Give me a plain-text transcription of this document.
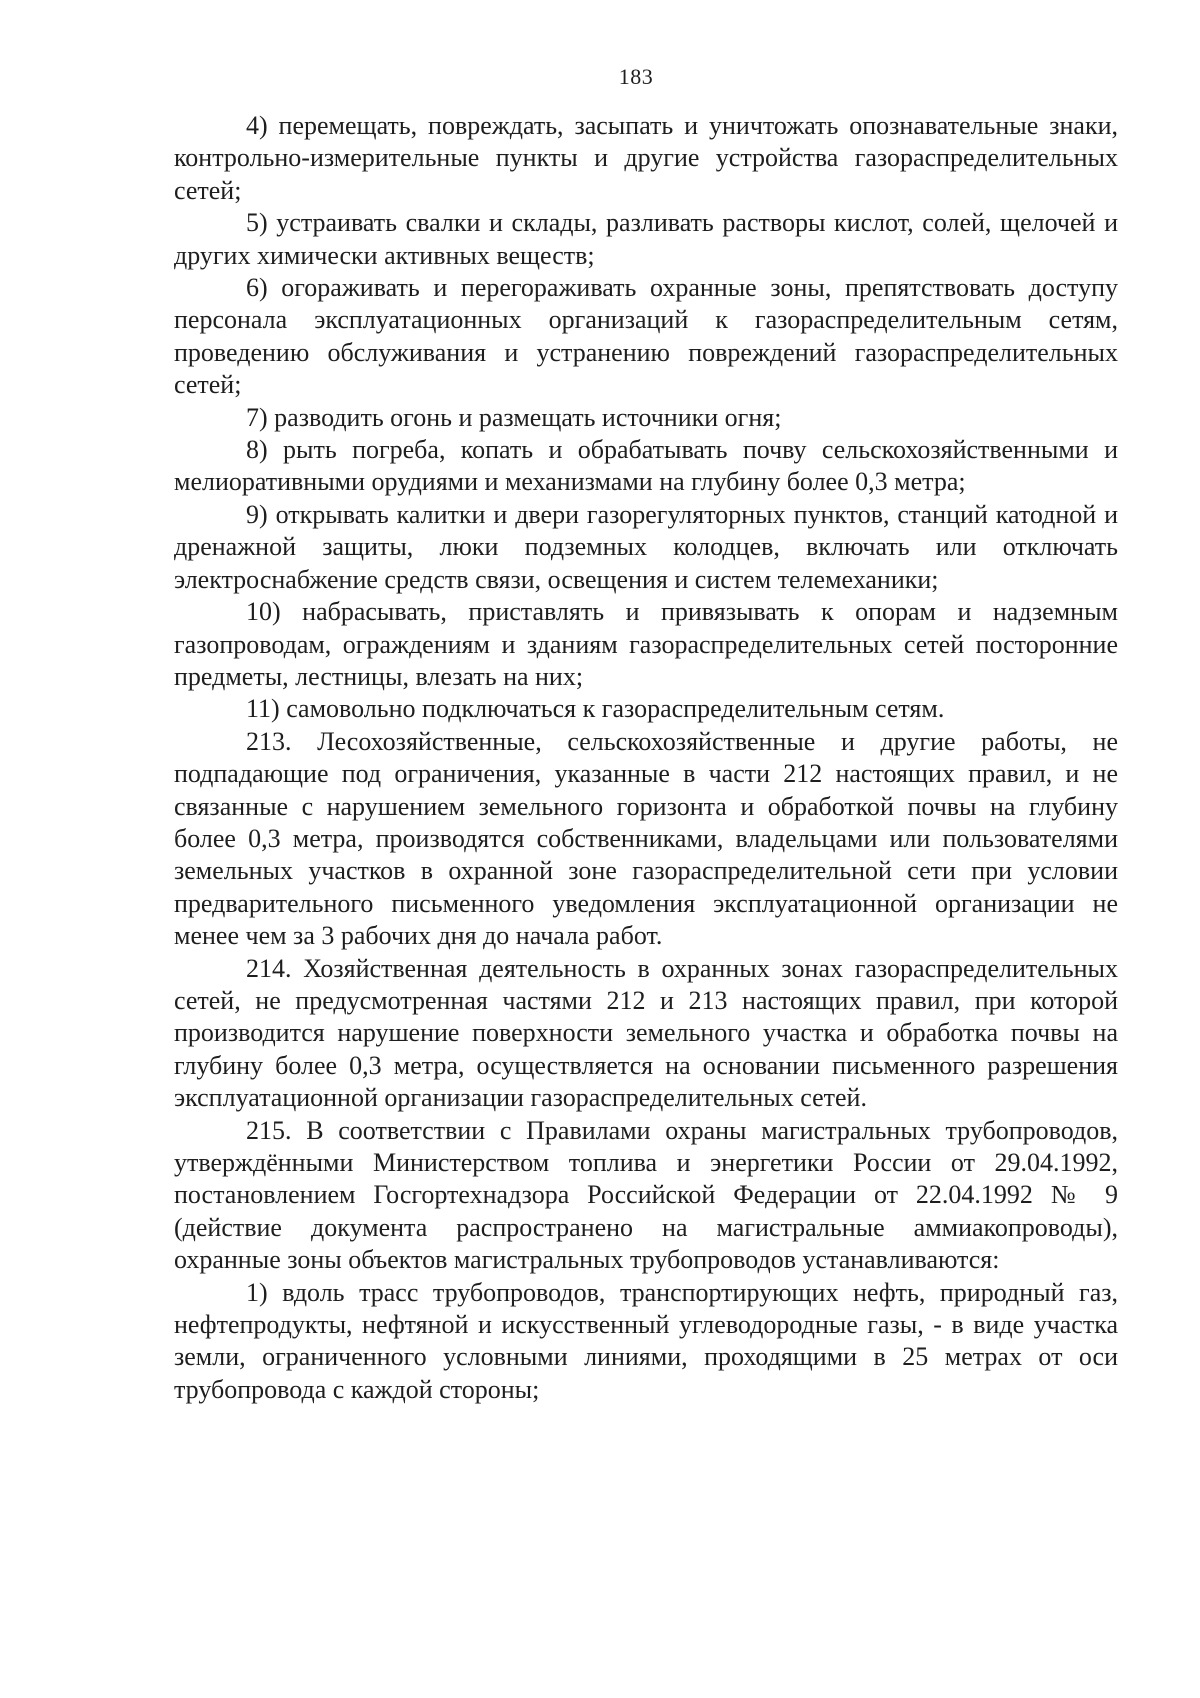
183

4) перемещать, повреждать, засыпать и уничтожать опознавательные знаки, контрольно-измерительные пункты и другие устройства газораспределительных сетей;

5) устраивать свалки и склады, разливать растворы кислот, солей, щелочей и других химически активных веществ;

6) огораживать и перегораживать охранные зоны, препятствовать доступу персонала эксплуатационных организаций к газораспределительным сетям, проведению обслуживания и устранению повреждений газораспределительных сетей;

7) разводить огонь и размещать источники огня;

8) рыть погреба, копать и обрабатывать почву сельскохозяйственными и мелиоративными орудиями и механизмами на глубину более 0,3 метра;

9) открывать калитки и двери газорегуляторных пунктов, станций катодной и дренажной защиты, люки подземных колодцев, включать или отключать электроснабжение средств связи, освещения и систем телемеханики;

10) набрасывать, приставлять и привязывать к опорам и надземным газопроводам, ограждениям и зданиям газораспределительных сетей посторонние предметы, лестницы, влезать на них;

11) самовольно подключаться к газораспределительным сетям.

213. Лесохозяйственные, сельскохозяйственные и другие работы, не подпадающие под ограничения, указанные в части 212 настоящих правил, и не связанные с нарушением земельного горизонта и обработкой почвы на глубину более 0,3 метра, производятся собственниками, владельцами или пользователями земельных участков в охранной зоне газораспределительной сети при условии предварительного письменного уведомления эксплуатационной организации не менее чем за 3 рабочих дня до начала работ.

214. Хозяйственная деятельность в охранных зонах газораспределительных сетей, не предусмотренная частями 212 и 213 настоящих правил, при которой производится нарушение поверхности земельного участка и обработка почвы на глубину более 0,3 метра, осуществляется на основании письменного разрешения эксплуатационной организации газораспределительных сетей.

215. В соответствии с Правилами охраны магистральных трубопроводов, утверждёнными Министерством топлива и энергетики России от 29.04.1992, постановлением Госгортехнадзора Российской Федерации от 22.04.1992 № 9 (действие документа распространено на магистральные аммиакопроводы), охранные зоны объектов магистральных трубопроводов устанавливаются:

1) вдоль трасс трубопроводов, транспортирующих нефть, природный газ, нефтепродукты, нефтяной и искусственный углеводородные газы, - в виде участка земли, ограниченного условными линиями, проходящими в 25 метрах от оси трубопровода с каждой стороны;
